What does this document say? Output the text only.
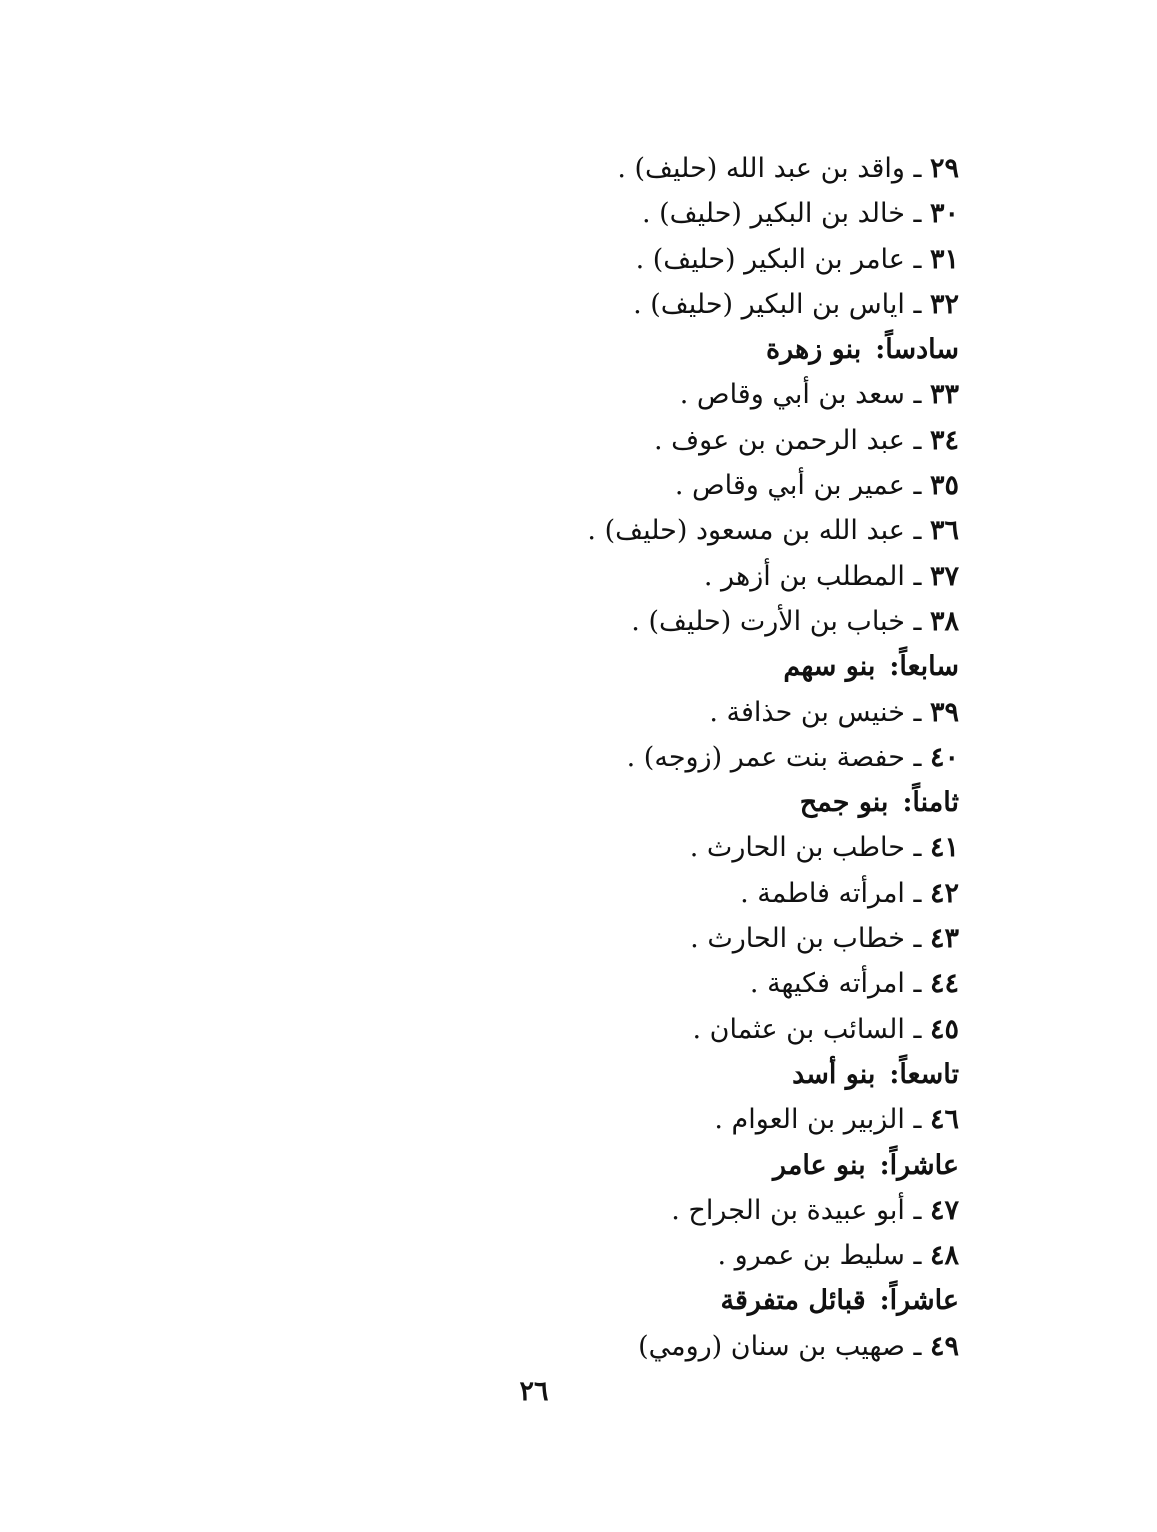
٢٩ ـ واقد بن عبد الله (حليف) .
٣٠ ـ خالد بن البكير (حليف) .
٣١ ـ عامر بن البكير (حليف) .
٣٢ ـ اياس بن البكير (حليف) .
سادساً:بنو زهرة
٣٣ ـ سعد بن أبي وقاص .
٣٤ ـ عبد الرحمن بن عوف .
٣٥ ـ عمير بن أبي وقاص .
٣٦ ـ عبد الله بن مسعود (حليف) .
٣٧ ـ المطلب بن أزهر .
٣٨ ـ خباب بن الأرت (حليف) .
سابعاً:بنو سهم
٣٩ ـ خنيس بن حذافة .
٤٠ ـ حفصة بنت عمر (زوجه) .
ثامناً:بنو جمح
٤١ ـ حاطب بن الحارث .
٤٢ ـ امرأته فاطمة .
٤٣ ـ خطاب بن الحارث .
٤٤ ـ امرأته فكيهة .
٤٥ ـ السائب بن عثمان .
تاسعاً:بنو أسد
٤٦ ـ الزبير بن العوام .
عاشراً:بنو عامر
٤٧ ـ أبو عبيدة بن الجراح .
٤٨ ـ سليط بن عمرو .
عاشراً:قبائل متفرقة
٤٩ ـ صهيب بن سنان (رومي)
٢٦
